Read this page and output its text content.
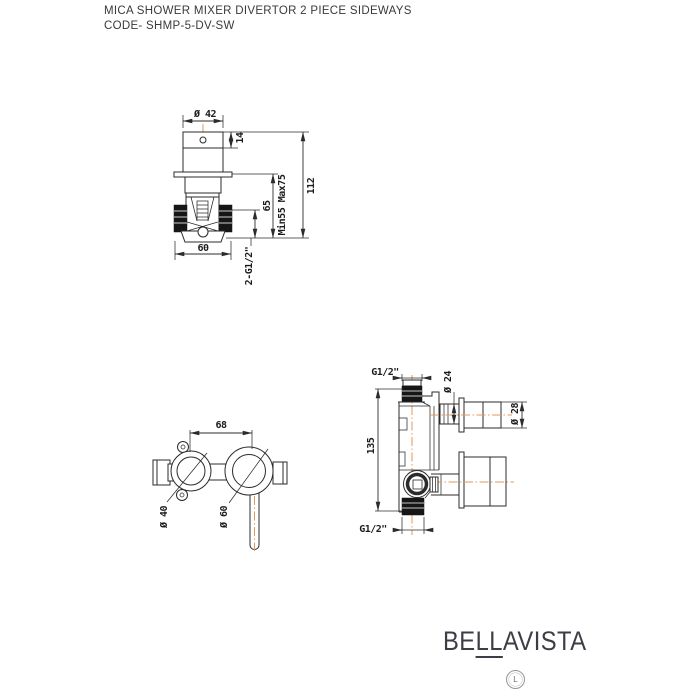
MICA SHOWER MIXER DIVERTOR 2 PIECE SIDEWAYS
CODE- SHMP-5-DV-SW
Ø 42
14
112
Min55 Max75
65
2-G1/2"
60
68
Ø 40	Ø 60
G1/2"	Ø 24
Ø 28
135
G1/2"
BELLAVISTA
L
